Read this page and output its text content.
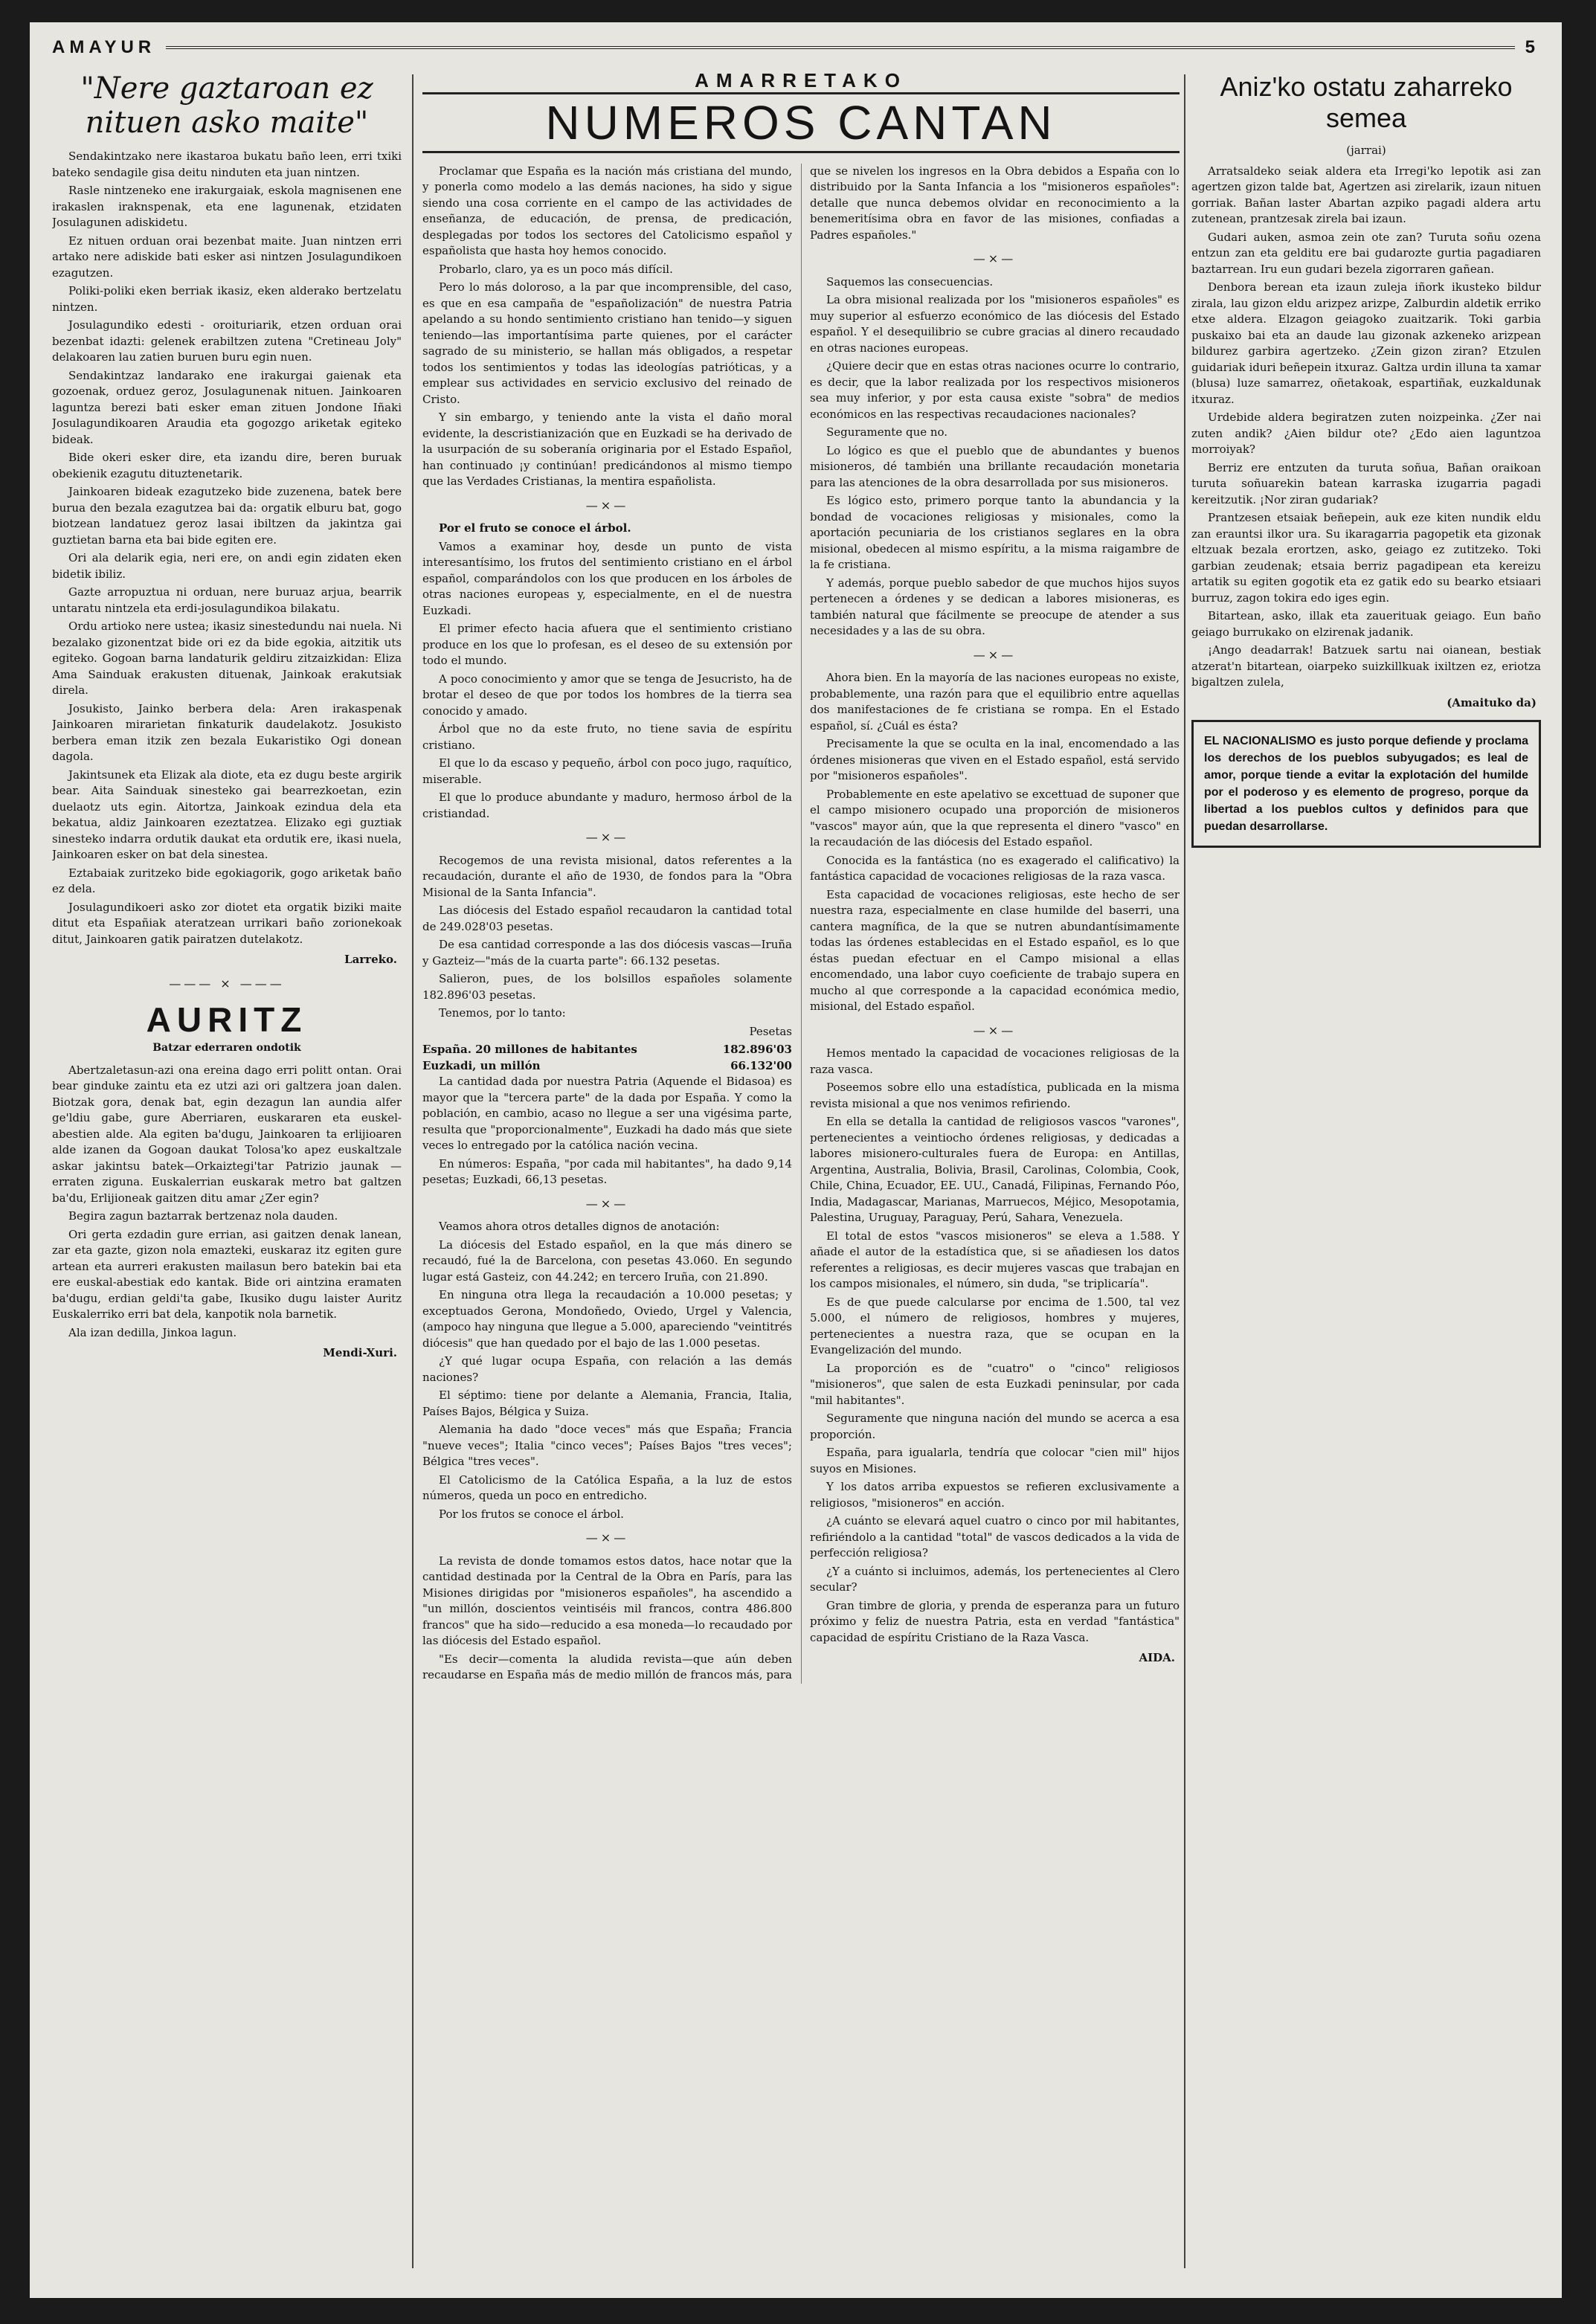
AMAYUR	5
"Nere gaztaroan ez nituen asko maite"

Sendakintzako nere ikastaroa bukatu baño leen, erri txiki bateko sendagile gisa deitu ninduten eta juan nintzen.

Rasle nintzeneko ene irakurgaiak, eskola magnisenen ene irakaslen iraknspenak, eta ene lagunenak, etzidaten Josulagunen adiskidetu.

Ez nituen orduan orai bezenbat maite. Juan nintzen erri artako nere adiskide bati esker asi nintzen Josulagundikoen ezagutzen.

Poliki-poliki eken berriak ikasiz, eken alderako bertzelatu nintzen.

Josulagundiko edesti - oroituriarik, etzen orduan orai bezenbat idazti: gelenek erabiltzen zutena "Cretineau Joly" delakoaren lau zatien buruen buru egin nuen.

Sendakintzaz landarako ene irakurgai gaienak eta gozoenak, orduez geroz, Josulagunenak nituen. Jainkoaren laguntza berezi bati esker eman zituen Jondone Iñaki Josulagundikoaren Araudia eta gogozgo ariketak egiteko bideak.

Bide okeri esker dire, eta izandu dire, beren buruak obekienik ezagutu dituztenetarik.

Jainkoaren bideak ezagutzeko bide zuzenena, batek bere burua den bezala ezagutzea bai da: orgatik elburu bat, gogo biotzean landatuez geroz lasai ibiltzen da jakintza gai guztietan barna eta bai bide egiten ere.

Ori ala delarik egia, neri ere, on andi egin zidaten eken bidetik ibiliz.

Gazte arropuztua ni orduan, nere buruaz arjua, bearrik untaratu nintzela eta erdi-josulagundikoa bilakatu.

Ordu artioko nere ustea; ikasiz sinestedundu nai nuela. Ni bezalako gizonentzat bide ori ez da bide egokia, aitzitik uts egiteko. Gogoan barna landaturik geldiru zitzaizkidan: Eliza Ama Sainduak erakusten dituenak, Jainkoak erakutsiak direla.

Josukisto, Jainko berbera dela: Aren irakaspenak Jainkoaren mirarietan finkaturik daudelakotz. Josukisto berbera eman itzik zen bezala Eukaristiko Ogi donean dagola.

Jakintsunek eta Elizak ala diote, eta ez dugu beste argirik bear. Aita Sainduak sinesteko gai bearrezkoetan, ezin duelaotz uts egin. Aitortza, Jainkoak ezindua dela eta bekatua, aldiz Jainkoaren ezeztatzea. Elizako egi guztiak sinesteko indarra ordutik daukat eta ordutik ere, ikasi nuela, Jainkoaren esker on bat dela sinestea.

Eztabaiak zuritzeko bide egokiagorik, gogo ariketak baño ez dela.

Josulagundikoeri asko zor diotet eta orgatik biziki maite ditut eta Españiak ateratzean urrikari baño zorionekoak ditut, Jainkoaren gatik pairatzen dutelakotz.

Larreko.

——— × ———
AURITZ
Batzar ederraren ondotik

Abertzaletasun-azi ona ereina dago erri politt ontan. Orai bear ginduke zaintu eta ez utzi azi ori galtzera joan dalen. Biotzak gora, denak bat, egin dezagun lan aundia alfer ge'ldiu gabe, gure Aberriaren, euskararen eta euskel-abestien alde. Ala egiten ba'dugu, Jainkoaren ta erlijioaren alde izanen da Gogoan daukat Tolosa'ko apez euskaltzale askar jakintsu batek—Orkaiztegi'tar Patrizio jaunak — erraten ziguna. Euskalerrian euskarak metro bat galtzen ba'du, Erlijioneak gaitzen ditu amar ¿Zer egin?

Begira zagun baztarrak bertzenaz nola dauden.

Ori gerta ezdadin gure errian, asi gaitzen denak lanean, zar eta gazte, gizon nola emazteki, euskaraz itz egiten gure artean eta aurreri erakusten mailasun bero batekin bai eta ere euskal-abestiak edo kantak. Bide ori aintzina eramaten ba'dugu, erdian geldi'ta gabe, Ikusiko dugu laister Auritz Euskalerriko erri bat dela, kanpotik nola barnetik.

Ala izan dedilla, Jinkoa lagun.

Mendi-Xuri.

AMARRETAKO
NUMEROS CANTAN

Proclamar que España es la nación más cristiana del mundo, y ponerla como modelo a las demás naciones, ha sido y sigue siendo una cosa corriente en el campo de las actividades de enseñanza, de educación, de prensa, de predicación, desplegadas por todos los sectores del Catolicismo español y españolista que hasta hoy hemos conocido.

Probarlo, claro, ya es un poco más difícil.

Pero lo más doloroso, a la par que incomprensible, del caso, es que en esa campaña de "españolización" de nuestra Patria apelando a su hondo sentimiento cristiano han tenido—y siguen teniendo—las importantísima parte quienes, por el carácter sagrado de su ministerio, se hallan más obligados, a respetar todos los sentimientos y todas las ideologías patrióticas, y a emplear sus actividades en servicio exclusivo del reinado de Cristo.

Y sin embargo, y teniendo ante la vista el daño moral evidente, la descristianización que en Euzkadi se ha derivado de la usurpación de su soberanía originaria por el Estado Español, han continuado ¡y continúan! predicándonos al mismo tiempo que las Verdades Cristianas, la mentira españolista.

—×—

Por el fruto se conoce el árbol.

Vamos a examinar hoy, desde un punto de vista interesantísimo, los frutos del sentimiento cristiano en el árbol español, comparándolos con los que producen en los árboles de otras naciones europeas y, especialmente, en el de nuestra Euzkadi.

El primer efecto hacia afuera que el sentimiento cristiano produce en los que lo profesan, es el deseo de su extensión por todo el mundo.

A poco conocimiento y amor que se tenga de Jesucristo, ha de brotar el deseo de que por todos los hombres de la tierra sea conocido y amado.

Árbol que no da este fruto, no tiene savia de espíritu cristiano.

El que lo da escaso y pequeño, árbol con poco jugo, raquítico, miserable.

El que lo produce abundante y maduro, hermoso árbol de la cristiandad.

—×—

Recogemos de una revista misional, datos referentes a la recaudación, durante el año de 1930, de fondos para la "Obra Misional de la Santa Infancia".

Las diócesis del Estado español recaudaron la cantidad total de 249.028'03 pesetas.

De esa cantidad corresponde a las dos diócesis vascas—Iruña y Gazteiz—"más de la cuarta parte": 66.132 pesetas.

Salieron, pues, de los bolsillos españoles solamente 182.896'03 pesetas.

Tenemos, por lo tanto:

Pesetas

España. 20 millones de habitantes	182.896'03
Euzkadi, un millón	66.132'00

La cantidad dada por nuestra Patria (Aquende el Bidasoa) es mayor que la "tercera parte" de la dada por España. Y como la población, en cambio, acaso no llegue a ser una vigésima parte, resulta que "proporcionalmente", Euzkadi ha dado más que siete veces lo entregado por la católica nación vecina.

En números: España, "por cada mil habitantes", ha dado 9,14 pesetas; Euzkadi, 66,13 pesetas.

—×—

Veamos ahora otros detalles dignos de anotación:

La diócesis del Estado español, en la que más dinero se recaudó, fué la de Barcelona, con pesetas 43.060. En segundo lugar está Gasteiz, con 44.242; en tercero Iruña, con 21.890.

En ninguna otra llega la recaudación a 10.000 pesetas; y exceptuados Gerona, Mondoñedo, Oviedo, Urgel y Valencia, (ampoco hay ninguna que llegue a 5.000, apareciendo "veintitrés diócesis" que han quedado por el bajo de las 1.000 pesetas.

¿Y qué lugar ocupa España, con relación a las demás naciones?

El séptimo: tiene por delante a Alemania, Francia, Italia, Países Bajos, Bélgica y Suiza.

Alemania ha dado "doce veces" más que España; Francia "nueve veces"; Italia "cinco veces"; Países Bajos "tres veces"; Bélgica "tres veces".

El Catolicismo de la Católica España, a la luz de estos números, queda un poco en entredicho.

Por los frutos se conoce el árbol.

—×—

La revista de donde tomamos estos datos, hace notar que la cantidad destinada por la Central de la Obra en París, para las Misiones dirigidas por "misioneros españoles", ha ascendido a "un millón, doscientos veintiséis mil francos, contra 486.800 francos" que ha sido—reducido a esa moneda—lo recaudado por las diócesis del Estado español.

"Es decir—comenta la aludida revista—que aún deben recaudarse en España más de medio millón de francos más, para que se nivelen los ingresos en la Obra debidos a España con lo distribuido por la Santa Infancia a los "misioneros españoles": detalle que nunca debemos olvidar en reconocimiento a la benemeritísima obra en favor de las misiones, confiadas a Padres españoles."

—×—

Saquemos las consecuencias.

La obra misional realizada por los "misioneros españoles" es muy superior al esfuerzo económico de las diócesis del Estado español. Y el desequilibrio se cubre gracias al dinero recaudado en otras naciones europeas.

¿Quiere decir que en estas otras naciones ocurre lo contrario, es decir, que la labor realizada por los respectivos misioneros sea muy inferior, y por esta causa existe "sobra" de medios económicos en las respectivas recaudaciones nacionales?

Seguramente que no.

Lo lógico es que el pueblo que de abundantes y buenos misioneros, dé también una brillante recaudación monetaria para las atenciones de la obra desarrollada por sus misioneros.

Es lógico esto, primero porque tanto la abundancia y la bondad de vocaciones religiosas y misionales, como la aportación pecuniaria de los cristianos seglares en la obra misional, obedecen al mismo espíritu, a la misma raigambre de la fe cristiana.

Y además, porque pueblo sabedor de que muchos hijos suyos pertenecen a órdenes y se dedican a labores misioneras, es también natural que fácilmente se preocupe de atender a sus necesidades y a las de su obra.

—×—

Ahora bien. En la mayoría de las naciones europeas no existe, probablemente, una razón para que el equilibrio entre aquellas dos manifestaciones de fe cristiana se rompa. En el Estado español, sí. ¿Cuál es ésta?

Precisamente la que se oculta en la inal, encomendado a las órdenes misioneras que viven en el Estado español, está servido por "misioneros españoles".

Probablemente en este apelativo se excettuad de suponer que el campo misionero ocupado una proporción de misioneros "vascos" mayor aún, que la que representa el dinero "vasco" en la recaudación de las diócesis del Estado español.

Conocida es la fantástica (no es exagerado el calificativo) la fantástica capacidad de vocaciones religiosas de la raza vasca.

Esta capacidad de vocaciones religiosas, este hecho de ser nuestra raza, especialmente en clase humilde del baserri, una cantera magnífica, de la que se nutren abundantísimamente todas las órdenes establecidas en el Estado español, es lo que éstas puedan efectuar en el Campo misional a ellas encomendado, una labor cuyo coeficiente de trabajo supera en mucho al que corresponde a la capacidad económica medio, misional, del Estado español.

—×—

Hemos mentado la capacidad de vocaciones religiosas de la raza vasca.

Poseemos sobre ello una estadística, publicada en la misma revista misional a que nos venimos refiriendo.

En ella se detalla la cantidad de religiosos vascos "varones", pertenecientes a veintiocho órdenes religiosas, y dedicadas a labores misionero-culturales fuera de Europa: en Antillas, Argentina, Australia, Bolivia, Brasil, Carolinas, Colombia, Cook, Chile, China, Ecuador, EE. UU., Canadá, Filipinas, Fernando Póo, India, Madagascar, Marianas, Marruecos, Méjico, Mesopotamia, Palestina, Uruguay, Paraguay, Perú, Sahara, Venezuela.

El total de estos "vascos misioneros" se eleva a 1.588. Y añade el autor de la estadística que, si se añadiesen los datos referentes a religiosas, es decir mujeres vascas que trabajan en los campos misionales, el número, sin duda, "se triplicaría".

Es de que puede calcularse por encima de 1.500, tal vez 5.000, el número de religiosos, hombres y mujeres, pertenecientes a nuestra raza, que se ocupan en la Evangelización del mundo.

La proporción es de "cuatro" o "cinco" religiosos "misioneros", que salen de esta Euzkadi peninsular, por cada "mil habitantes".

Seguramente que ninguna nación del mundo se acerca a esa proporción.

España, para igualarla, tendría que colocar "cien mil" hijos suyos en Misiones.

Y los datos arriba expuestos se refieren exclusivamente a religiosos, "misioneros" en acción.

¿A cuánto se elevará aquel cuatro o cinco por mil habitantes, refiriéndolo a la cantidad "total" de vascos dedicados a la vida de perfección religiosa?

¿Y a cuánto si incluimos, además, los pertenecientes al Clero secular?

Gran timbre de gloria, y prenda de esperanza para un futuro próximo y feliz de nuestra Patria, esta en verdad "fantástica" capacidad de espíritu Cristiano de la Raza Vasca.

AIDA.

Aniz'ko ostatu zaharreko semea
(jarrai)

Arratsaldeko seiak aldera eta Irregi'ko lepotik asi zan agertzen gizon talde bat, Agertzen asi zirelarik, izaun nituen gorriak. Bañan laster Abartan azpiko pagadi aldera artu zutenean, prantzesak zirela bai izaun.

Gudari auken, asmoa zein ote zan? Turuta soñu ozena entzun zan eta gelditu ere bai gudarozte gurtia pagadiaren baztarrean. Iru eun gudari bezela zigorraren gañean.

Denbora berean eta izaun zuleja iñork ikusteko bildur zirala, lau gizon eldu arizpez arizpe, Zalburdin aldetik erriko etxe aldera. Elzagon geiagoko zuaitzarik. Toki garbia puskaixo bai eta an daude lau gizonak azkeneko arizpean bildurez garbira agertzeko. ¿Zein gizon ziran? Etzulen guidariak iduri beñepein itxuraz. Galtza urdin illuna ta xamar (blusa) luze samarrez, oñetakoak, espartiñak, euzkaldunak itxuraz.

Urdebide aldera begiratzen zuten noizpeinka. ¿Zer nai zuten andik? ¿Aien bildur ote? ¿Edo aien laguntzoa morroiyak?

Berriz ere entzuten da turuta soñua, Bañan oraikoan turuta soñuarekin batean karraska izugarria pagadi kereitzutik. ¡Nor ziran gudariak?

Prantzesen etsaiak beñepein, auk eze kiten nundik eldu zan erauntsi ilkor ura. Su ikaragarria pagopetik eta gizonak eltzuak bezala erortzen, asko, geiago ez zutitzeko. Toki garbian zeudenak; etsaia berriz pagadipean eta kereizu artatik su egiten gogotik eta ez gatik edo su bearko etsiaari burruz, zagon tokira edo iges egin.

Bitartean, asko, illak eta zauerituak geiago. Eun baño geiago burrukako on elzirenak jadanik.

¡Ango deadarrak! Batzuek sartu nai oianean, bestiak atzerat'n bitartean, oiarpeko suizkillkuak ixiltzen ez, eriotza bigaltzen zulela,

(Amaituko da)

EL NACIONALISMO es justo porque defiende y proclama los derechos de los pueblos subyugados; es leal de amor, porque tiende a evitar la explotación del humilde por el poderoso y es elemento de progreso, porque da libertad a los pueblos cultos y definidos para que puedan desarrollarse.
